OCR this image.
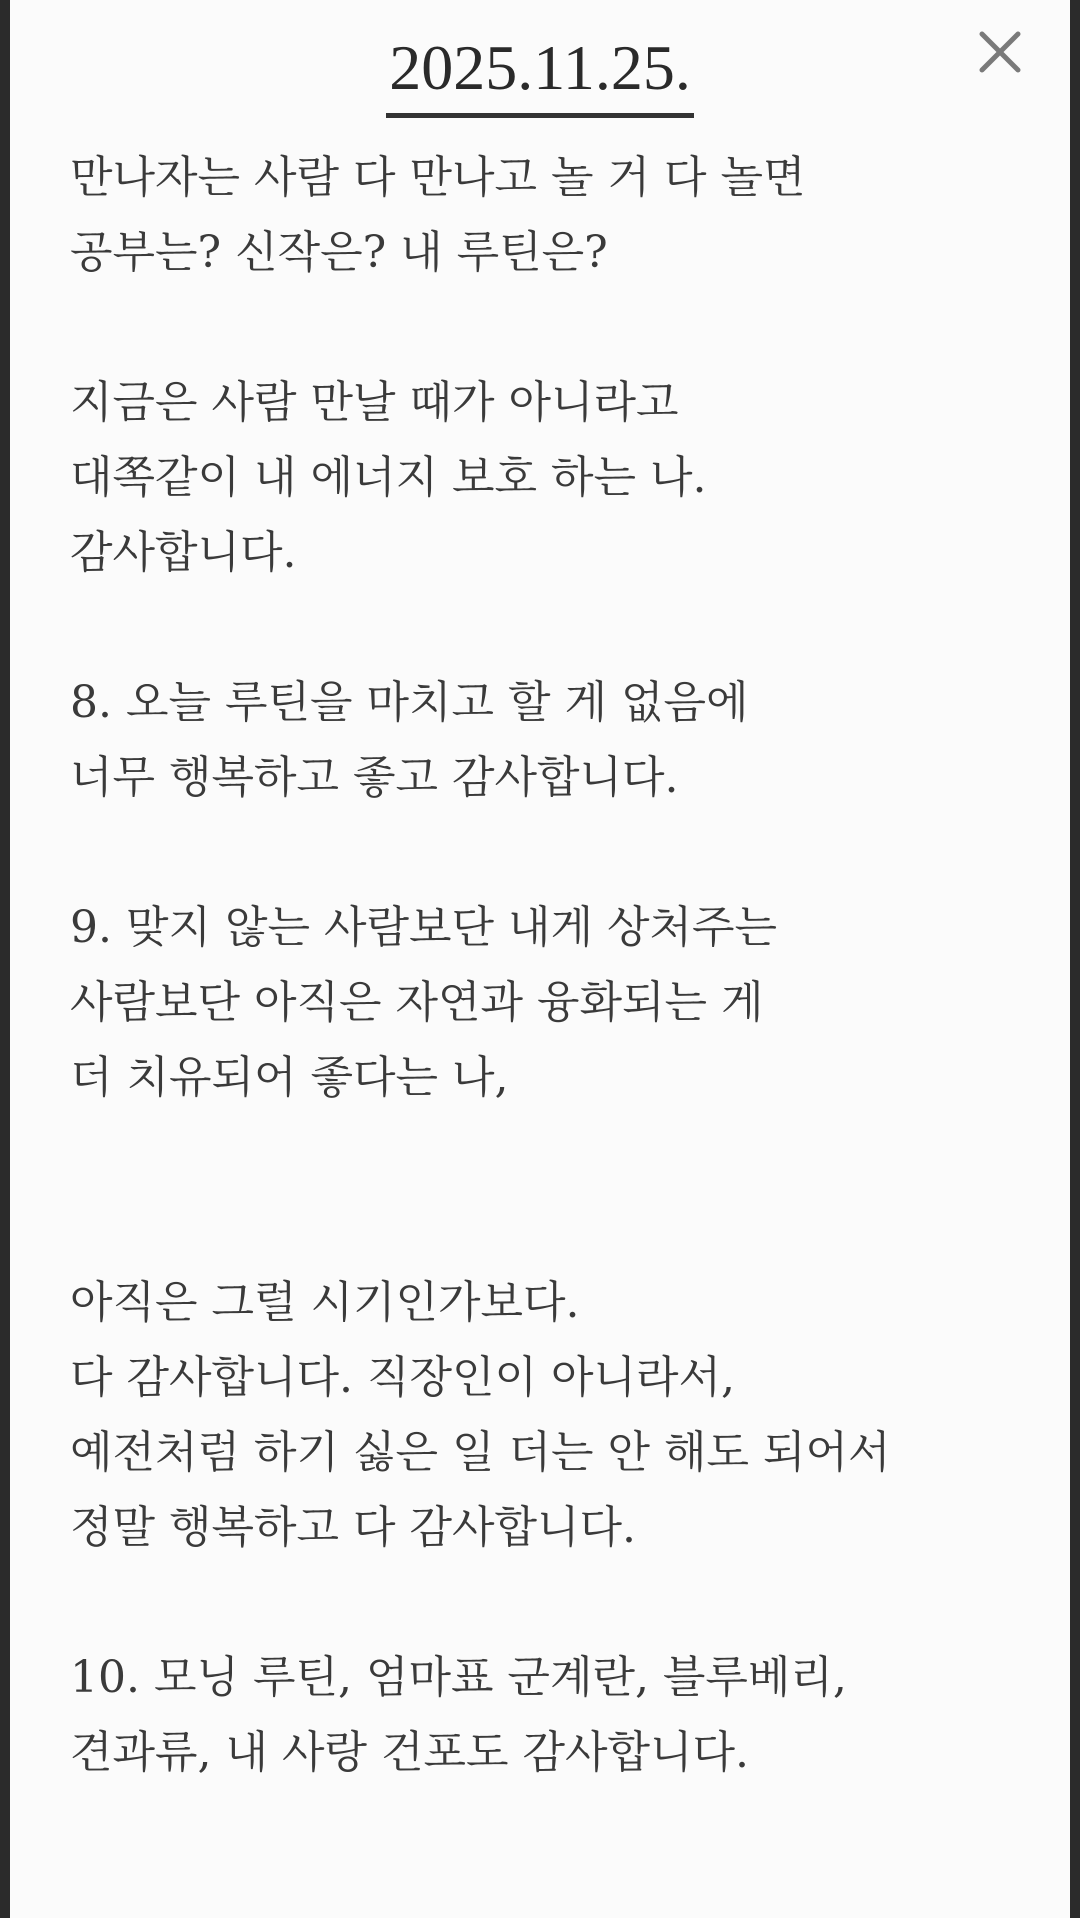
2025.11.25.
만나자는 사람 다 만나고 놀 거 다 놀면
공부는? 신작은? 내 루틴은?
지금은 사람 만날 때가 아니라고
대쪽같이 내 에너지 보호 하는 나.
감사합니다.
8. 오늘 루틴을 마치고 할 게 없음에
너무 행복하고 좋고 감사합니다.
9. 맞지 않는 사람보단 내게 상처주는
사람보단 아직은 자연과 융화되는 게
더 치유되어 좋다는 나,
아직은 그럴 시기인가보다.
다 감사합니다. 직장인이 아니라서,
예전처럼 하기 싫은 일 더는 안 해도 되어서
정말 행복하고 다 감사합니다.
10. 모닝 루틴, 엄마표 군계란, 블루베리,
견과류, 내 사랑 건포도 감사합니다.
